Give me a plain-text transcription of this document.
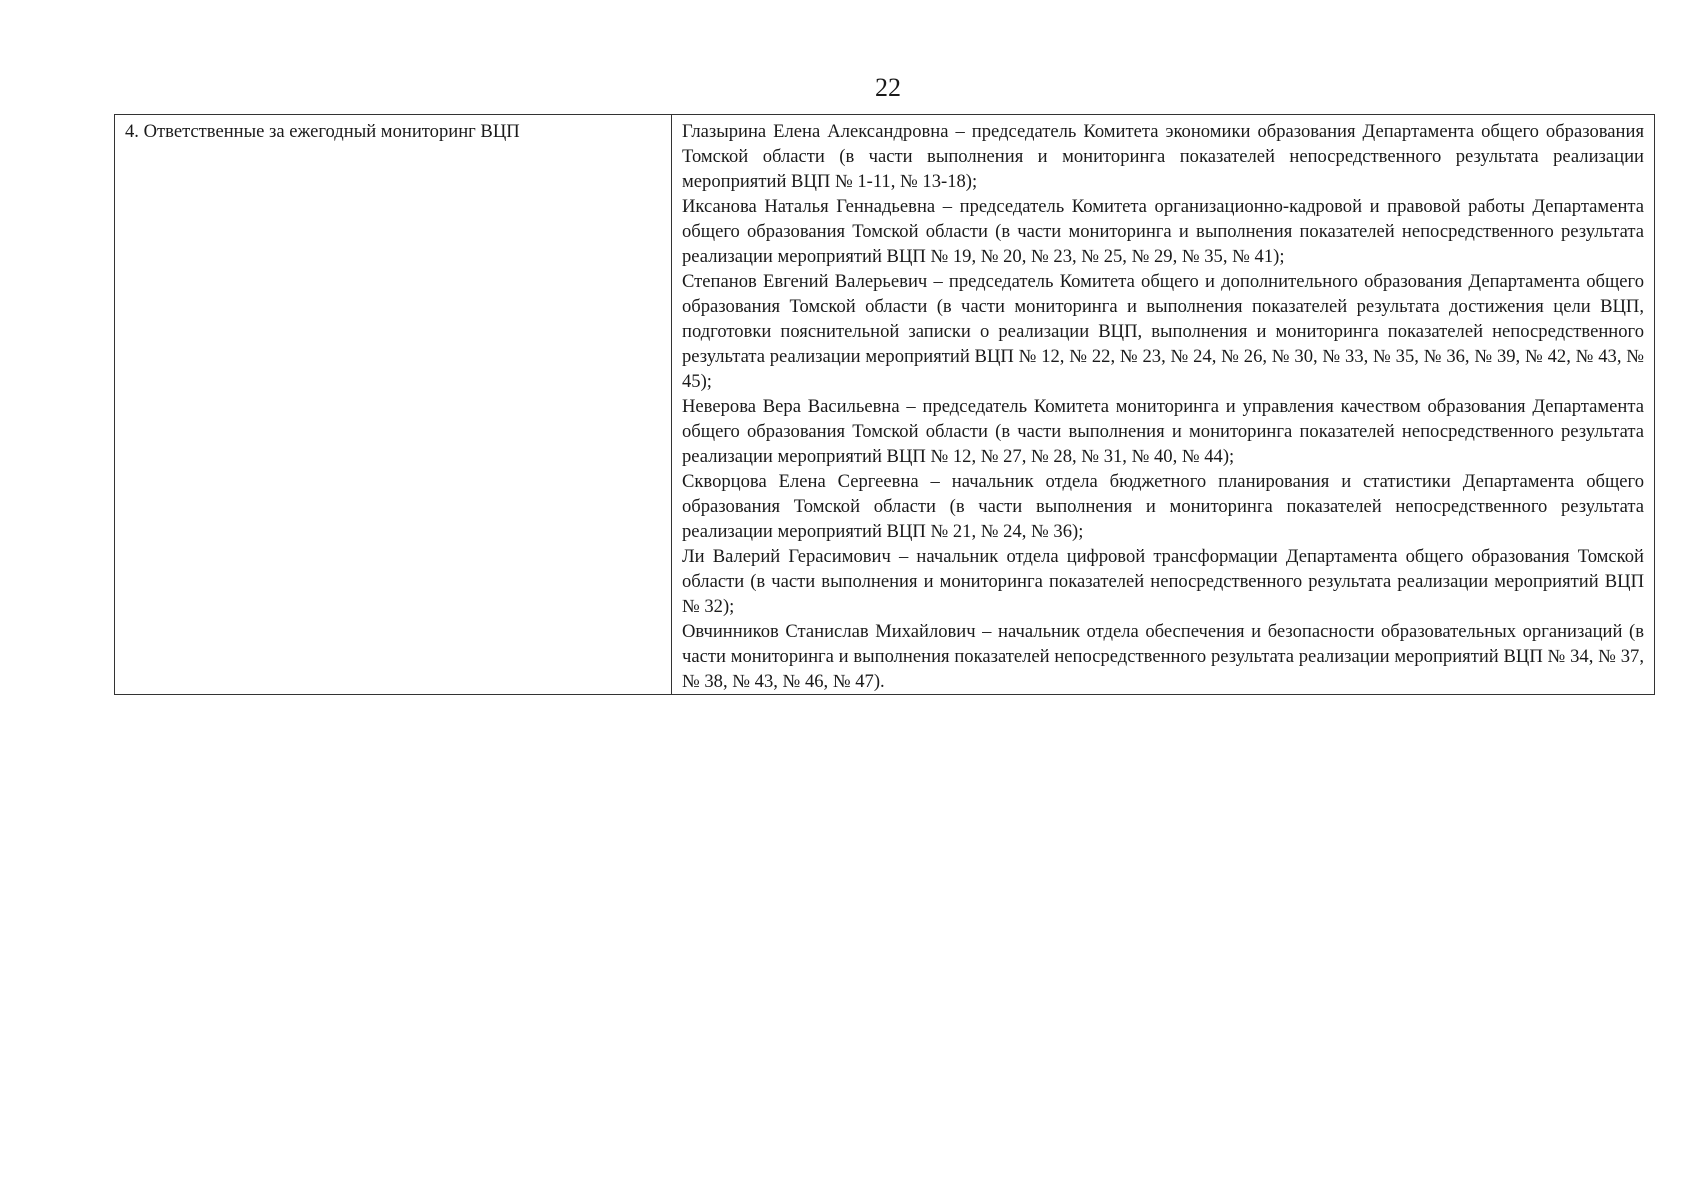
22
4. Ответственные за ежегодный мониторинг ВЦП	Глазырина Елена Александровна – председатель Комитета экономики образования Департамента общего образования Томской области (в части выполнения и мониторинга показателей непосредственного результата реализации мероприятий ВЦП № 1-11, № 13-18);
Иксанова Наталья Геннадьевна – председатель Комитета организационно-кадровой и правовой работы Департамента общего образования Томской области (в части мониторинга и выполнения показателей непосредственного результата реализации мероприятий ВЦП № 19, № 20, № 23, № 25, № 29, № 35, № 41);
Степанов Евгений Валерьевич – председатель Комитета общего и дополнительного образования Департамента общего образования Томской области (в части мониторинга и выполнения показателей результата достижения цели ВЦП, подготовки пояснительной записки о реализации ВЦП, выполнения и мониторинга показателей непосредственного результата реализации мероприятий ВЦП № 12, № 22, № 23, № 24, № 26, № 30, № 33, № 35, № 36, № 39, № 42, № 43, № 45);
Неверова Вера Васильевна – председатель Комитета мониторинга и управления качеством образования Департамента общего образования Томской области (в части выполнения и мониторинга показателей непосредственного результата реализации мероприятий ВЦП № 12, № 27, № 28, № 31, № 40, № 44);
Скворцова Елена Сергеевна – начальник отдела бюджетного планирования и статистики Департамента общего образования Томской области (в части выполнения и мониторинга показателей непосредственного результата реализации мероприятий ВЦП № 21, № 24, № 36);
Ли Валерий Герасимович – начальник отдела цифровой трансформации Департамента общего образования Томской области (в части выполнения и мониторинга показателей непосредственного результата реализации мероприятий ВЦП № 32);
Овчинников Станислав Михайлович – начальник отдела обеспечения и безопасности образовательных организаций (в части мониторинга и выполнения показателей непосредственного результата реализации мероприятий ВЦП № 34, № 37, № 38, № 43, № 46, № 47).
